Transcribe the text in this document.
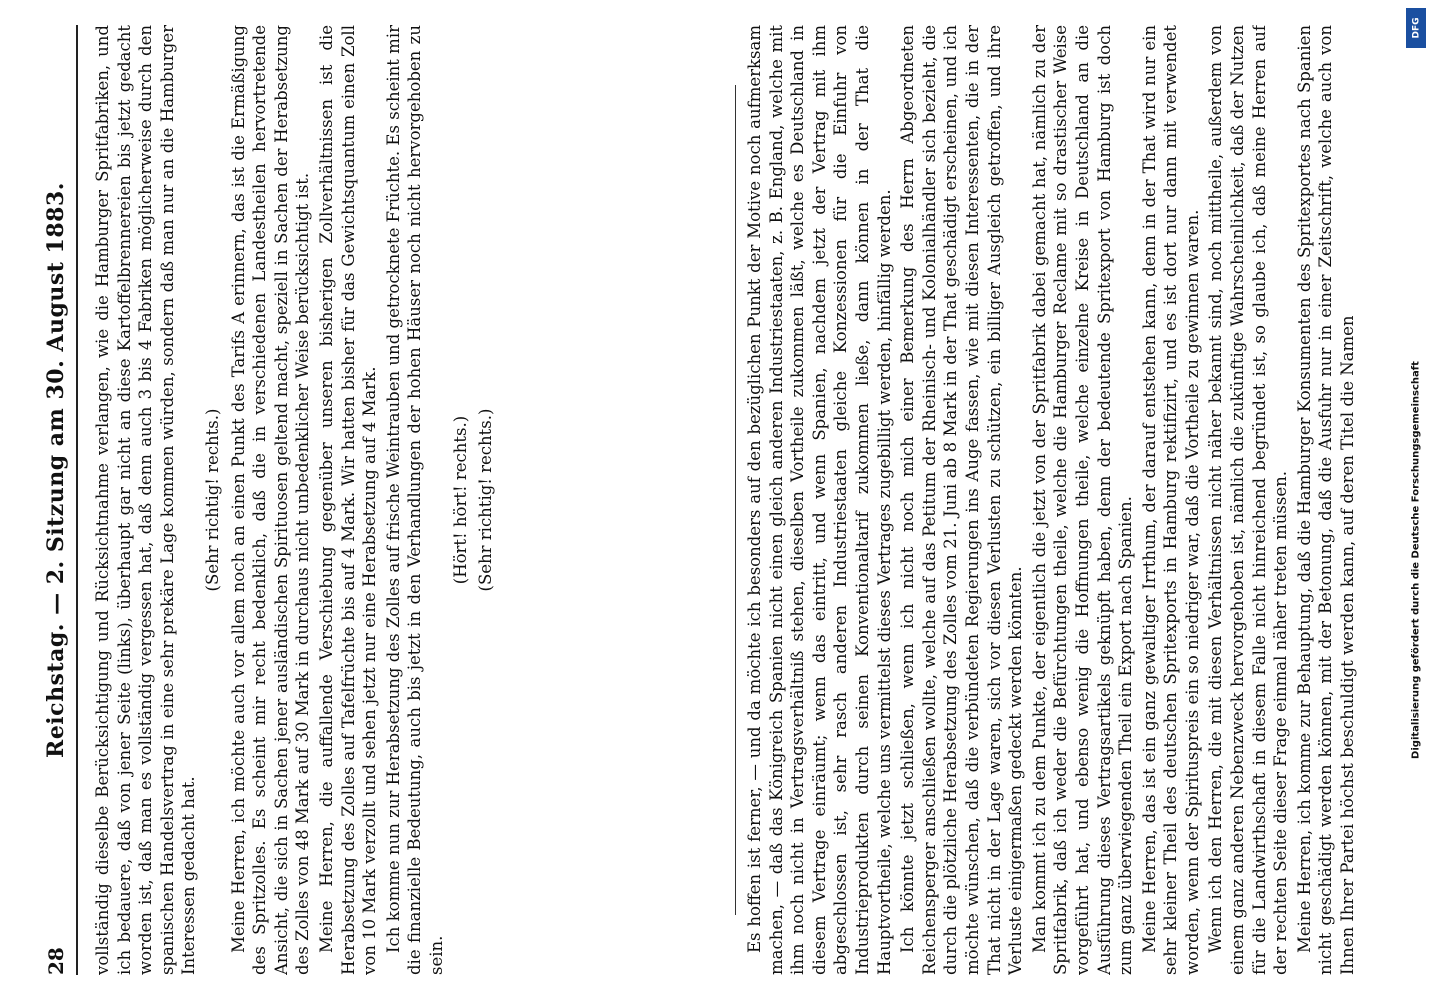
28
Reichstag. — 2. Sitzung am 30. August 1883. vollständig dieselbe Berücksichtigung und Rücksichtnahme verlangen, wie die Hamburger Spritfabriken, und ich bedauere, daß von jener Seite (links), überhaupt gar nicht an diese Kartoffelbrennereien bis jetzt gedacht worden ist, daß man es vollständig vergessen hat, daß denn auch 3 bis 4 Fabriken möglicherweise durch den spanischen Handelsvertrag in eine sehr prekäre Lage kommen würden, sondern daß man nur an die Hamburger Interessen gedacht hat.

(Sehr richtig! rechts.) Meine Herren, ich möchte auch vor allem noch an einen Punkt des Tarifs A erinnern, das ist die Ermäßigung des Spritzolles. Es scheint mir recht bedenklich, daß die in verschiedenen Landestheilen hervortretende Ansicht, die sich in Sachen jener ausländischen Spirituosen geltend macht, speziell in Sachen der Herabsetzung des Zolles von 48 Mark auf 30 Mark in durchaus nicht unbedenklicher Weise berücksichtigt ist. Meine Herren, die auffallende Verschiebung gegenüber unseren bisherigen Zollverhältnissen ist die Herabsetzung des Zolles auf Tafelfrüchte bis auf 4 Mark. Wir hatten bisher für das Gewichtsquantum einen Zoll von 10 Mark verzollt und sehen jetzt nur eine Herabsetzung auf 4 Mark. Ich komme nun zur Herabsetzung des Zolles auf frische Weintrauben und getrocknete Früchte. Es scheint mir die finanzielle Bedeutung, auch bis jetzt in den Verhandlungen der hohen Häuser noch nicht hervorgehoben zu sein.

(Hört! hört! rechts.) (Sehr richtig! rechts.)	Es hoffen ist ferner, — und da möchte ich besonders auf den bezüglichen Punkt der Motive noch aufmerksam machen, — daß das Königreich Spanien nicht einen gleich anderen Industriestaaten, z. B. England, welche mit ihm noch nicht in Vertragsverhältniß stehen, dieselben Vortheile zukommen läßt, welche es Deutschland in diesem Vertrage einräumt; wenn das eintritt, und wenn Spanien, nachdem jetzt der Vertrag mit ihm abgeschlossen ist, sehr rasch anderen Industriestaaten gleiche Konzessionen für die Einfuhr von Industrieprodukten durch seinen Konventionaltarif zukommen ließe, dann können in der That die Hauptvortheile, welche uns vermittelst dieses Vertrages zugebilligt werden, hinfällig werden. Ich könnte jetzt schließen, wenn ich nicht noch mich einer Bemerkung des Herrn Abgeordneten Reichensperger anschließen wollte, welche auf das Petitum der Rheinisch- und Kolonialhändler sich bezieht, die durch die plötzliche Herabsetzung des Zolles vom 21. Juni ab 8 Mark in der That geschädigt erscheinen, und ich möchte wünschen, daß die verbündeten Regierungen ins Auge fassen, wie mit diesen Interessenten, die in der That nicht in der Lage waren, sich vor diesen Verlusten zu schützen, ein billiger Ausgleich getroffen, und ihre Verluste einigermaßen gedeckt werden könnten. Man kommt ich zu dem Punkte, der eigentlich die jetzt von der Spritfabrik dabei gemacht hat, nämlich zu der Spritfabrik, daß ich weder die Befürchtungen theile, welche die Hamburger Reclame mit so drastischer Weise vorgeführt hat, und ebenso wenig die Hoffnungen theile, welche einzelne Kreise in Deutschland an die Ausführung dieses Vertragsartikels geknüpft haben, denn der bedeutende Spritexport von Hamburg ist doch zum ganz überwiegenden Theil ein Export nach Spanien. Meine Herren, das ist ein ganz gewaltiger Irrthum, der darauf entstehen kann, denn in der That wird nur ein sehr kleiner Theil des deutschen Spritexports in Hamburg rektifizirt, und es ist dort nur dann mit verwendet worden, wenn der Spirituspreis ein so niedriger war, daß die Vortheile zu gewinnen waren. Wenn ich den Herren, die mit diesen Verhältnissen nicht näher bekannt sind, noch mittheile, außerdem von einem ganz anderen Nebenzweck hervorgehoben ist, nämlich die zukünftige Wahrscheinlichkeit, daß der Nutzen für die Landwirthschaft in diesem Falle nicht hinreichend begründet ist, so glaube ich, daß meine Herren auf der rechten Seite dieser Frage einmal näher treten müssen. Meine Herren, ich komme zur Behauptung, daß die Hamburger Konsumenten des Spritexportes nach Spanien nicht geschädigt werden können, mit der Betonung, daß die Ausfuhr nur in einer Zeitschrift, welche auch von Ihnen Ihrer Partei höchst beschuldigt werden kann, auf deren Titel die Namen

DFG
Digitalisierung gefördert durch die Deutsche Forschungsgemeinschaft
